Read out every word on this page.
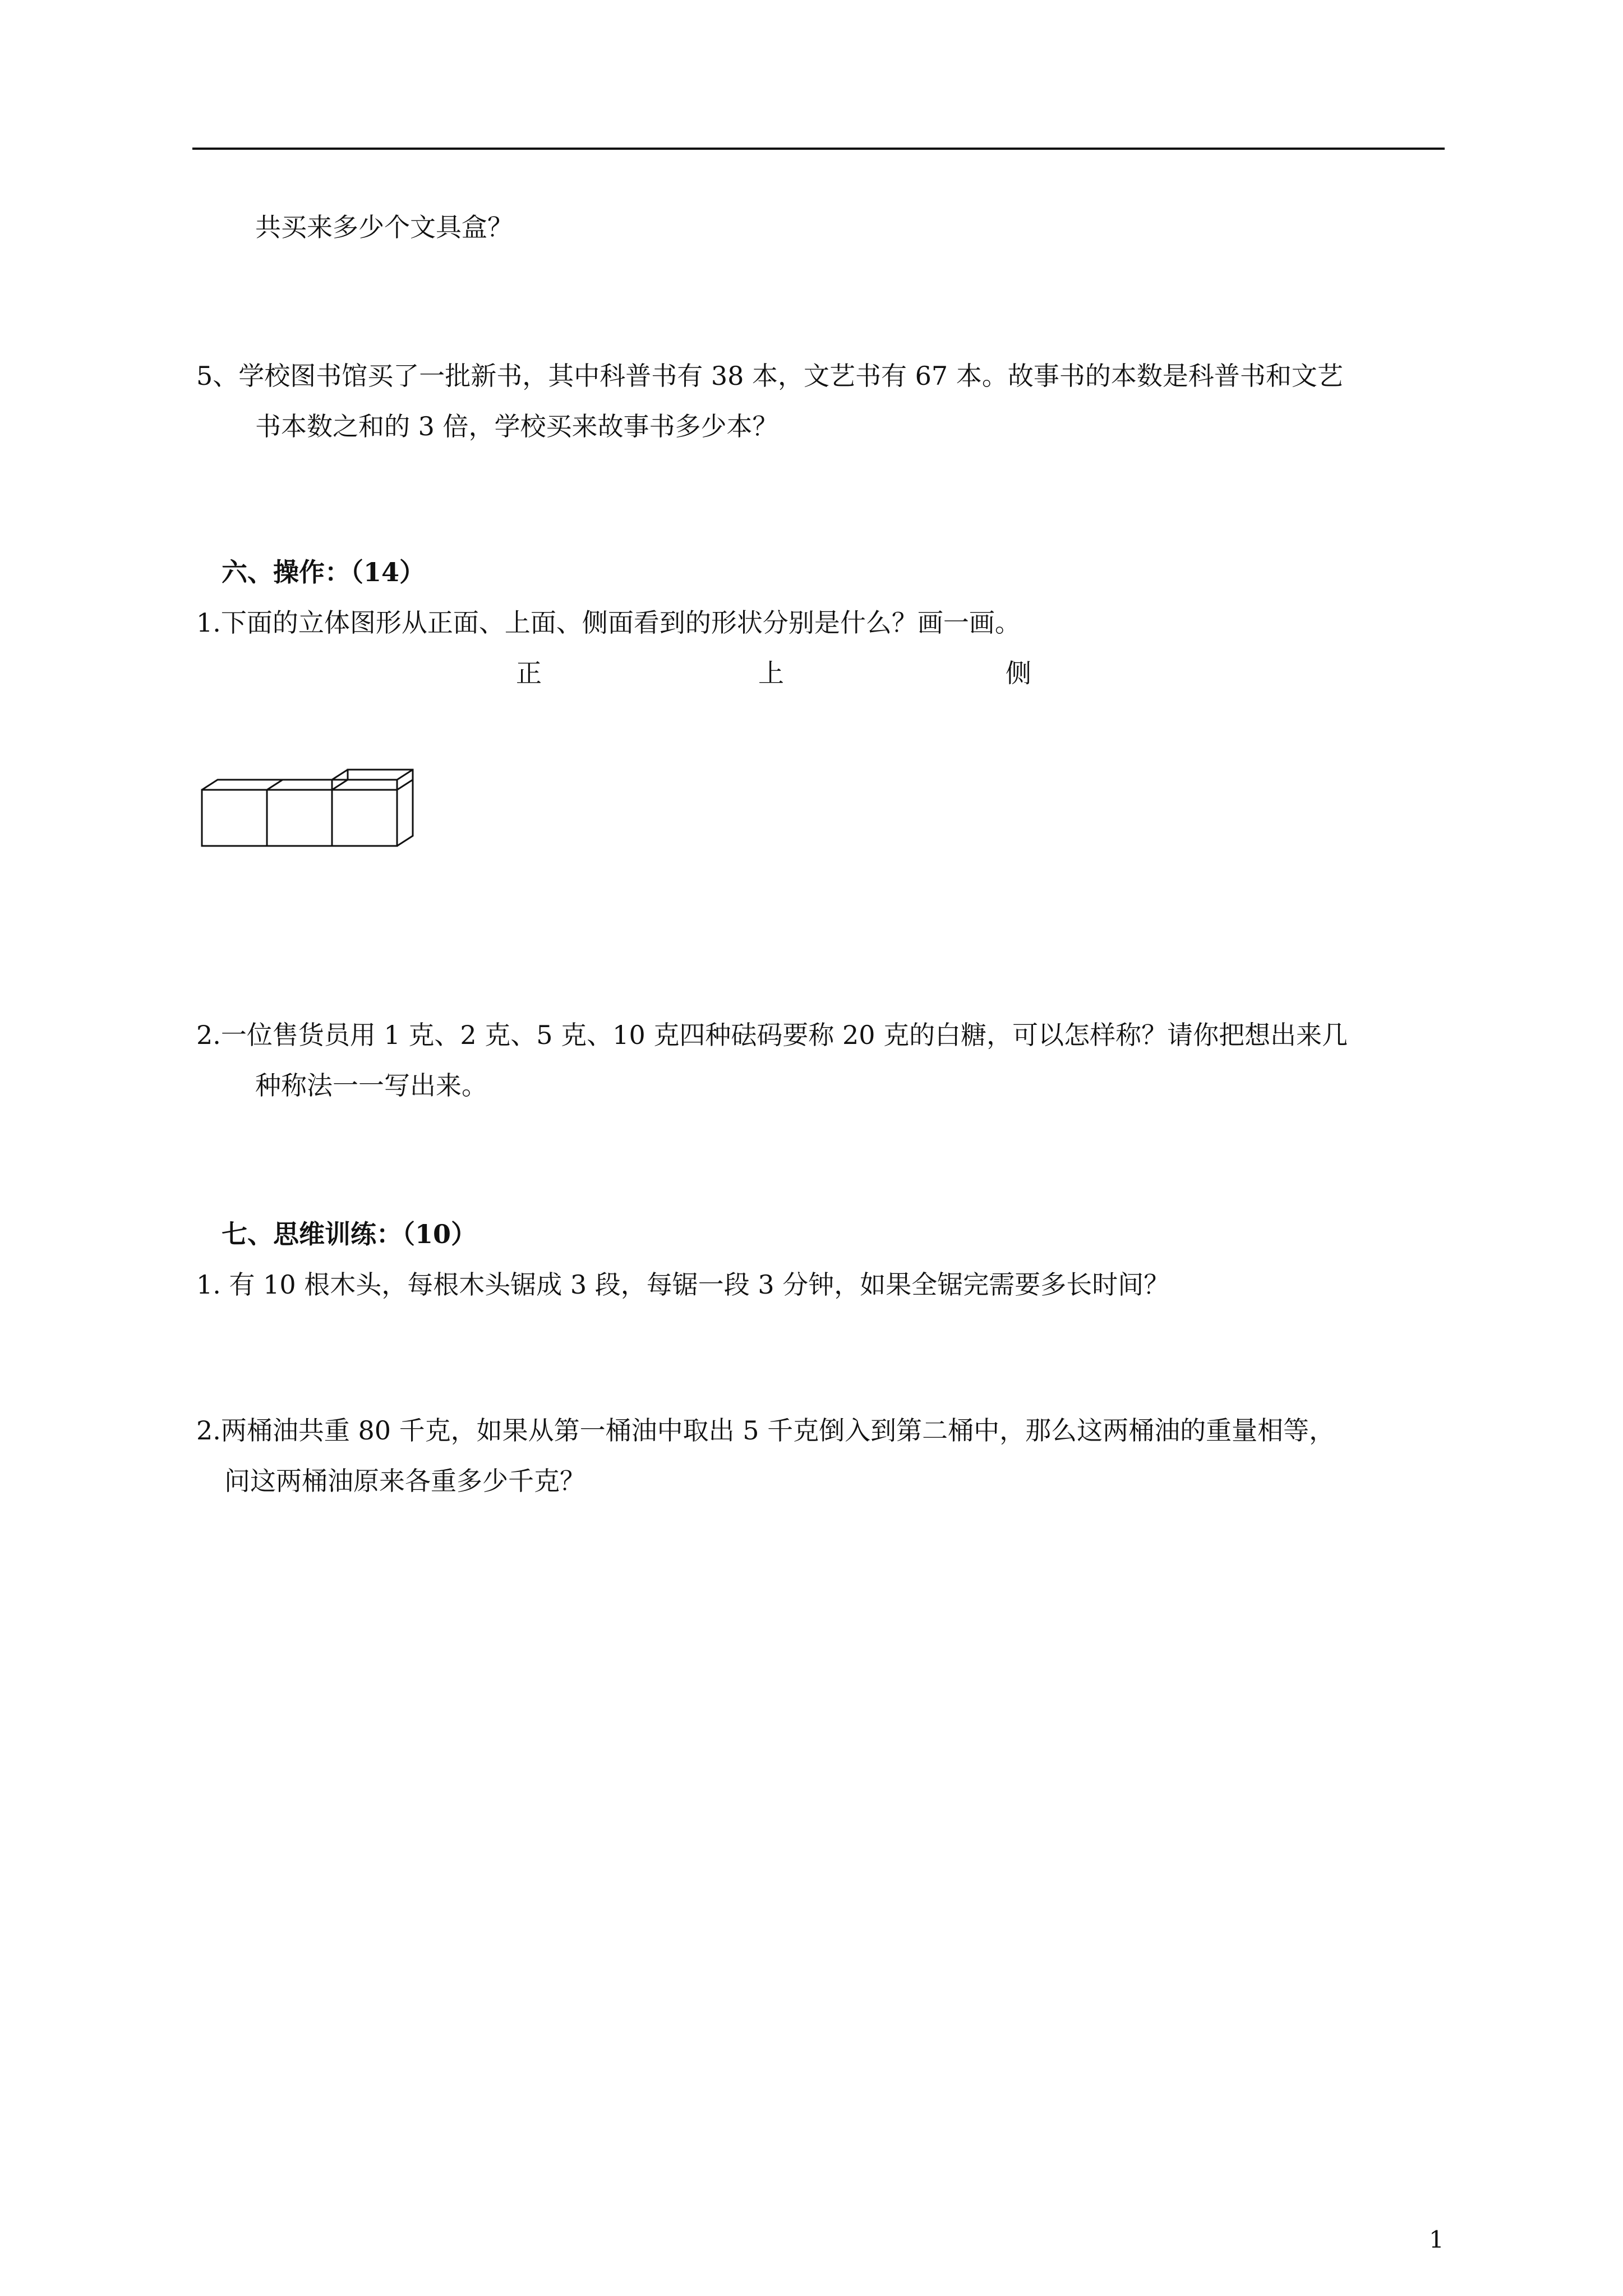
共买来多少个文具盒？
5、学校图书馆买了一批新书，其中科普书有 38 本，文艺书有 67 本。故事书的本数是科普书和文艺
书本数之和的 3 倍，学校买来故事书多少本？
六、操作：（14）
1.下面的立体图形从正面、上面、侧面看到的形状分别是什么？画一画。
正	上	侧
2.一位售货员用 1 克、2 克、5 克、10 克四种砝码要称 20 克的白糖，可以怎样称？请你把想出来几
种称法一一写出来。
七、思维训练：（10）
1. 有 10 根木头，每根木头锯成 3 段，每锯一段 3 分钟，如果全锯完需要多长时间？
2.两桶油共重 80 千克，如果从第一桶油中取出 5 千克倒入到第二桶中，那么这两桶油的重量相等，
问这两桶油原来各重多少千克？
1
